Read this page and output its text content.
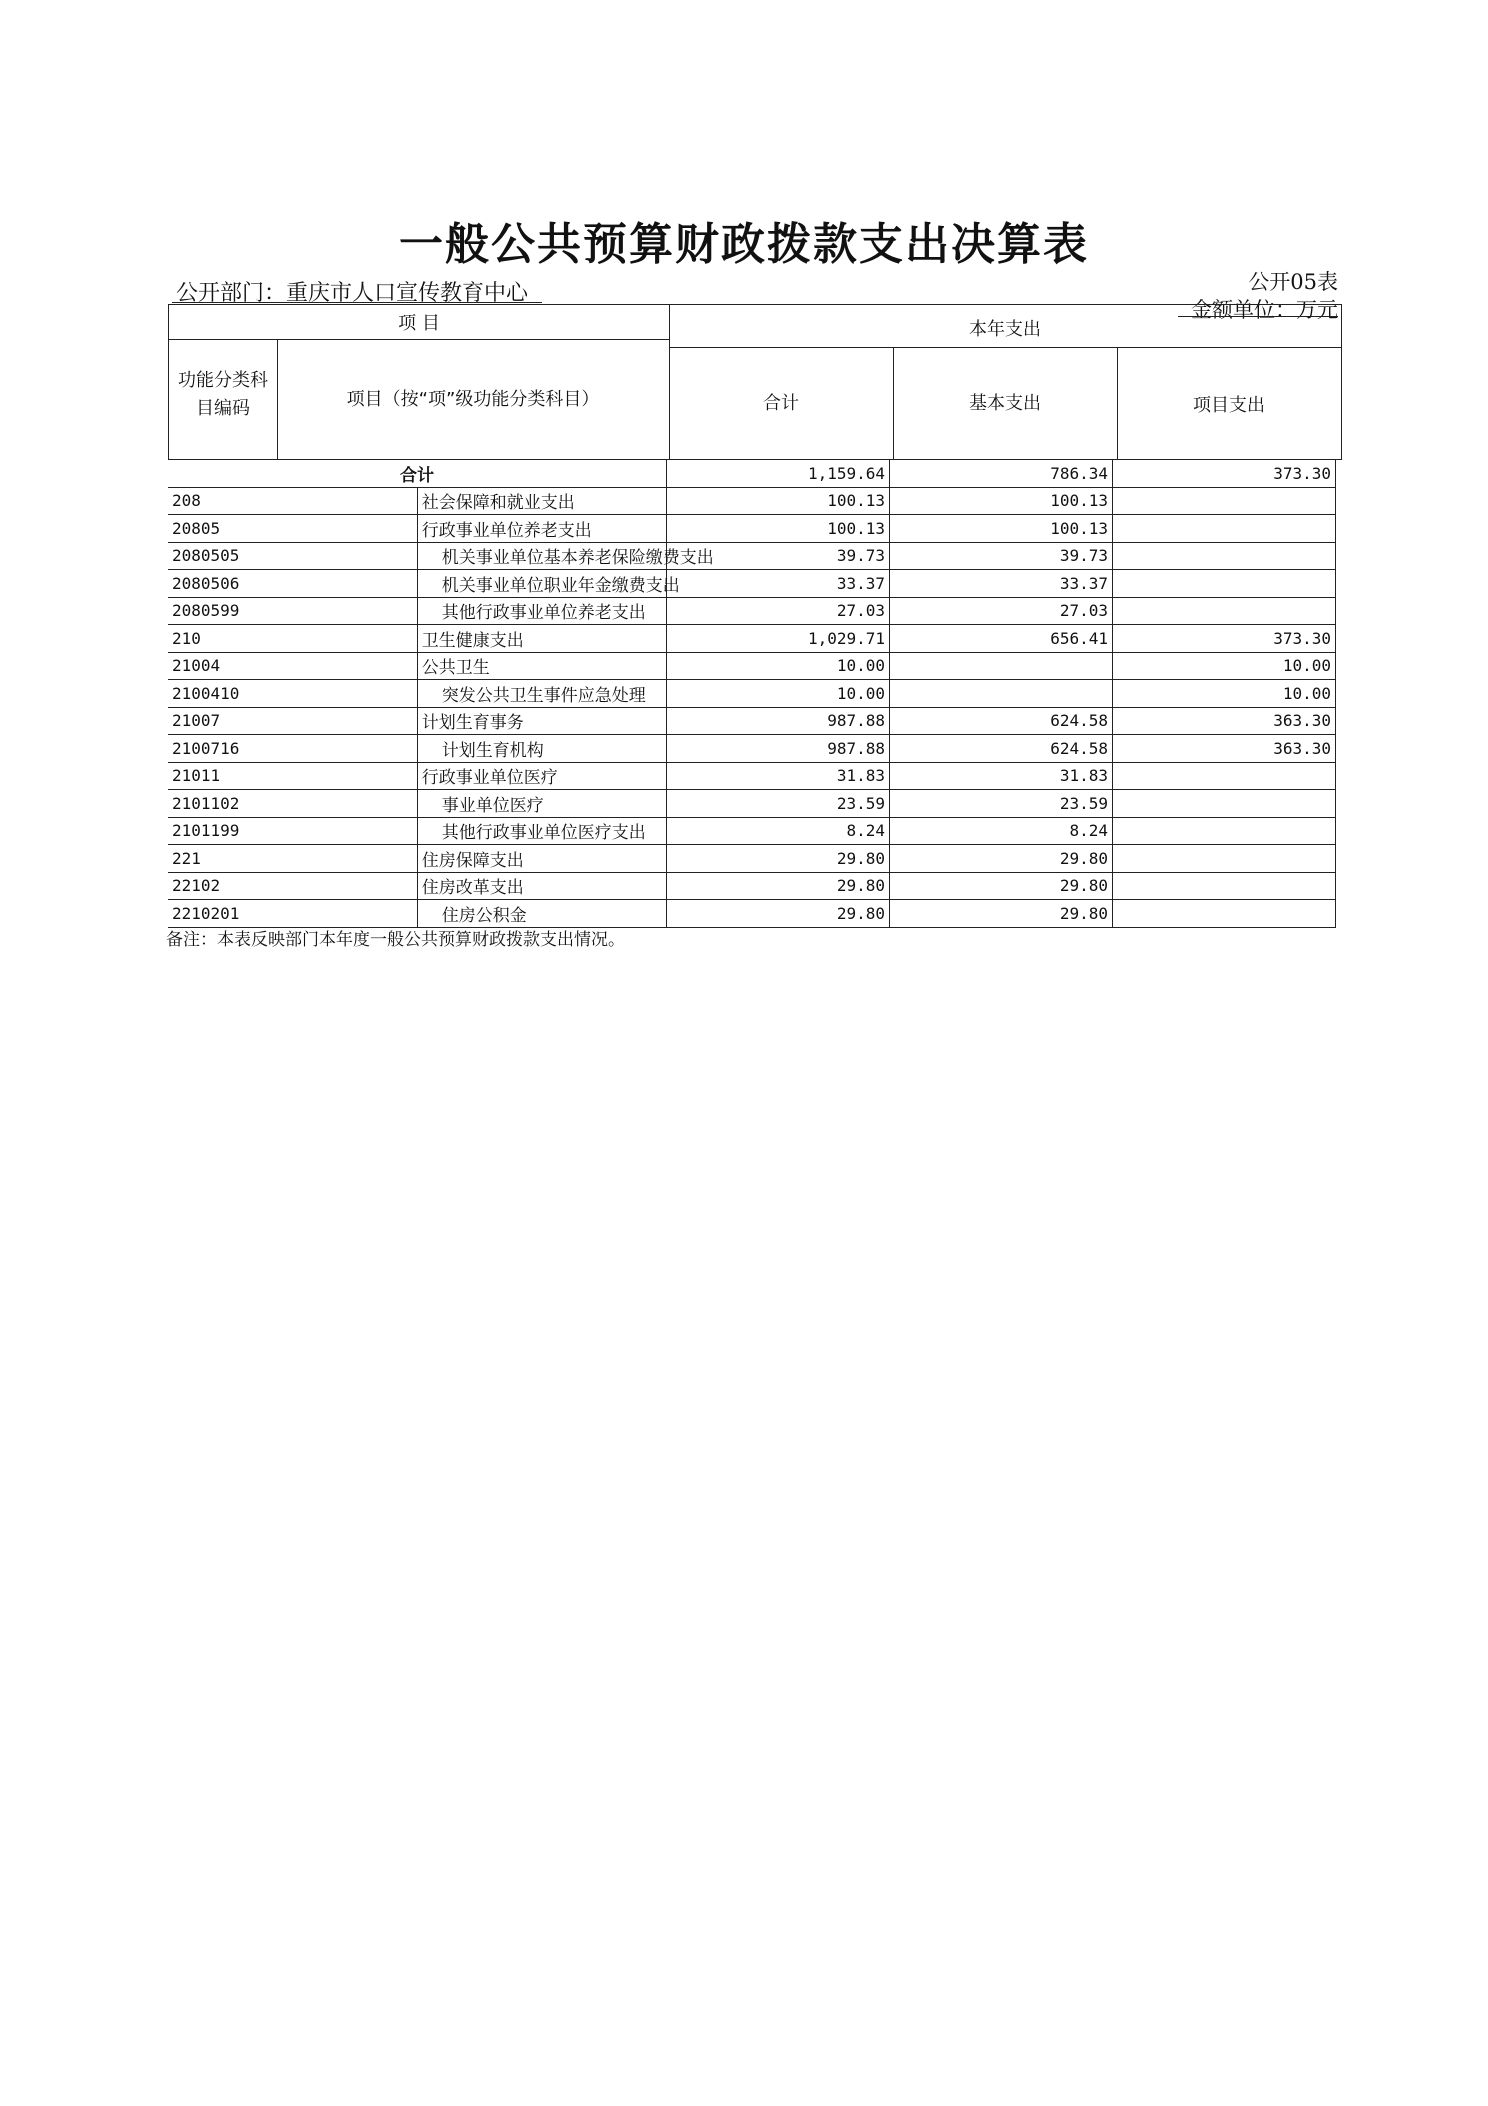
一般公共预算财政拨款支出决算表
公开部门：重庆市人口宣传教育中心	公开05表
金额单位：万元
项 目	本年支出
功能分类科目编码	项目（按“项”级功能分类科目）	合计	基本支出	项目支出
合计		1,159.64	786.34	373.30
208	社会保障和就业支出	100.13	100.13	
20805	行政事业单位养老支出	100.13	100.13	
2080505	机关事业单位基本养老保险缴费支出	39.73	39.73	
2080506	机关事业单位职业年金缴费支出	33.37	33.37	
2080599	其他行政事业单位养老支出	27.03	27.03	
210	卫生健康支出	1,029.71	656.41	373.30
21004	公共卫生	10.00		10.00
2100410	突发公共卫生事件应急处理	10.00		10.00
21007	计划生育事务	987.88	624.58	363.30
2100716	计划生育机构	987.88	624.58	363.30
21011	行政事业单位医疗	31.83	31.83	
2101102	事业单位医疗	23.59	23.59	
2101199	其他行政事业单位医疗支出	8.24	8.24	
221	住房保障支出	29.80	29.80	
22102	住房改革支出	29.80	29.80	
2210201	住房公积金	29.80	29.80	
备注：本表反映部门本年度一般公共预算财政拨款支出情况。
